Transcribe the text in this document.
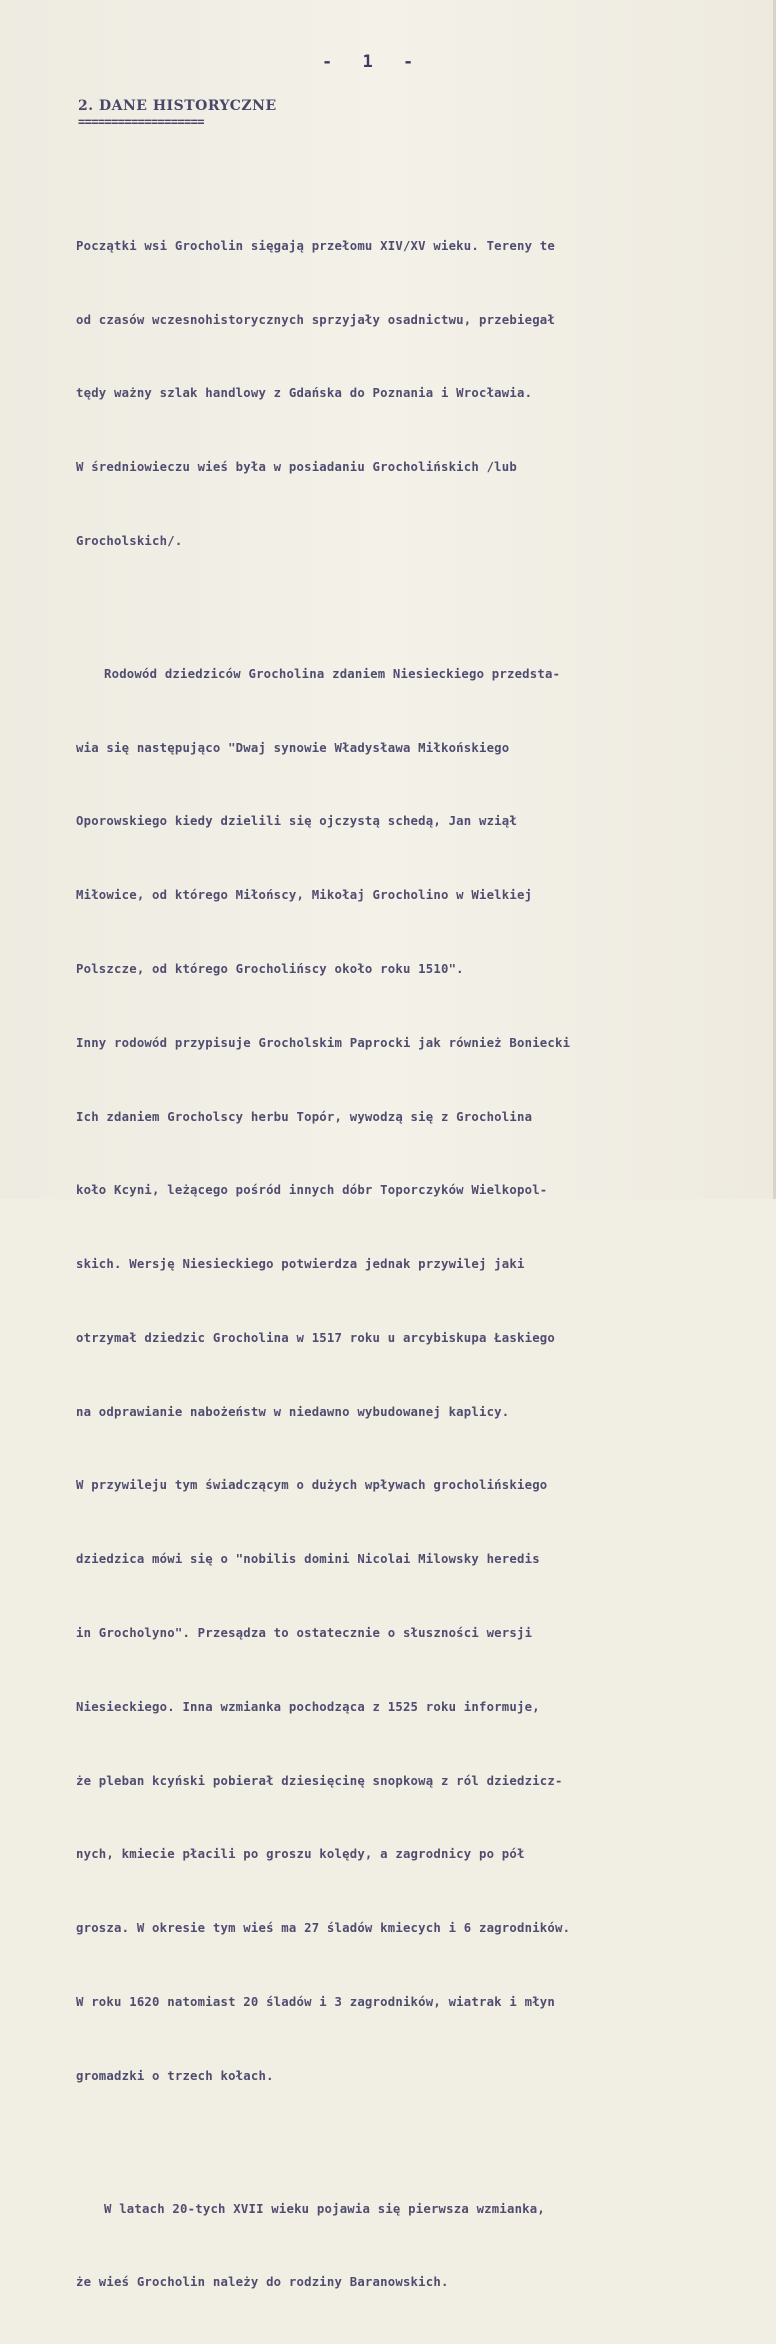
- 1 -
2. DANE HISTORYCZNE
===================

Początki wsi Grocholin sięgają przełomu XIV/XV wieku. Tereny te

od czasów wczesnohistorycznych sprzyjały osadnictwu, przebiegał

tędy ważny szlak handlowy z Gdańska do Poznania i Wrocławia.

W średniowieczu wieś była w posiadaniu Grocholińskich /lub

Grocholskich/.

Rodowód dziedziców Grocholina zdaniem Niesieckiego przedsta-

wia się następująco "Dwaj synowie Władysława Miłkońskiego

Oporowskiego kiedy dzielili się ojczystą schedą, Jan wziął

Miłowice, od którego Miłońscy, Mikołaj Grocholino w Wielkiej

Polszcze, od którego Grocholińscy około roku 1510".

Inny rodowód przypisuje Grocholskim Paprocki jak również Boniecki

Ich zdaniem Grocholscy herbu Topór, wywodzą się z Grocholina

koło Kcyni, leżącego pośród innych dóbr Toporczyków Wielkopol-

skich. Wersję Niesieckiego potwierdza jednak przywilej jaki

otrzymał dziedzic Grocholina w 1517 roku u arcybiskupa Łaskiego

na odprawianie nabożeństw w niedawno wybudowanej kaplicy.

W przywileju tym świadczącym o dużych wpływach grocholińskiego

dziedzica mówi się o "nobilis domini Nicolai Milowsky heredis

in Grocholyno". Przesądza to ostatecznie o słuszności wersji

Niesieckiego. Inna wzmianka pochodząca z 1525 roku informuje,

że pleban kcyński pobierał dziesięcinę snopkową z ról dziedzicz-

nych, kmiecie płacili po groszu kolędy, a zagrodnicy po pół

grosza. W okresie tym wieś ma 27 śladów kmiecych i 6 zagrodników.

W roku 1620 natomiast 20 śladów i 3 zagrodników, wiatrak i młyn

gromadzki o trzech kołach.

W latach 20-tych XVII wieku pojawia się pierwsza wzmianka,

że wieś Grocholin należy do rodziny Baranowskich.
